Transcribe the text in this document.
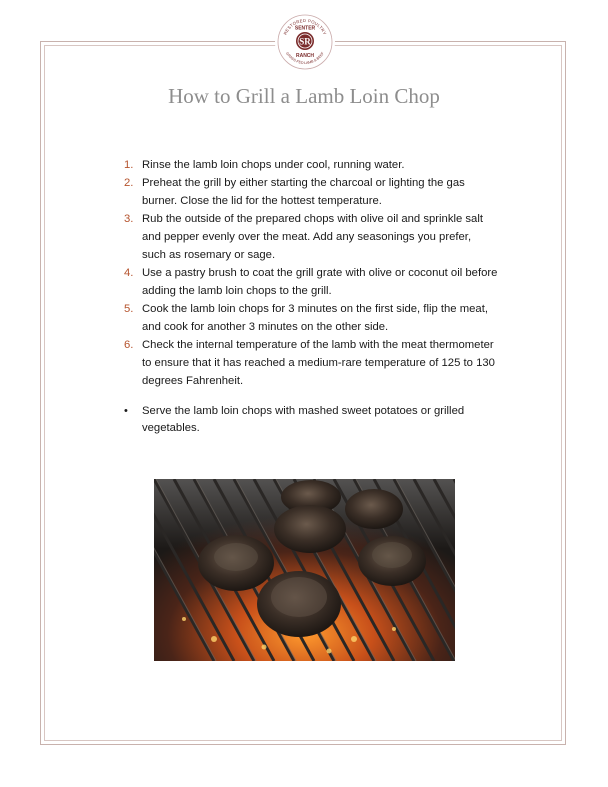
RESTORED POULTRY
SENTER
SR
RANCH
GRASS-FED LAMB & BEEF
How to Grill a Lamb Loin Chop
1. Rinse the lamb loin chops under cool, running water.
2. Preheat the grill by either starting the charcoal or lighting the gas burner. Close the lid for the hottest temperature.
3. Rub the outside of the prepared chops with olive oil and sprinkle salt and pepper evenly over the meat. Add any seasonings you prefer, such as rosemary or sage.
4. Use a pastry brush to coat the grill grate with olive or coconut oil before adding the lamb loin chops to the grill.
5. Cook the lamb loin chops for 3 minutes on the first side, flip the meat, and cook for another 3 minutes on the other side.
6. Check the internal temperature of the lamb with the meat thermometer to ensure that it has reached a medium-rare temperature of 125 to 130 degrees Fahrenheit.
• Serve the lamb loin chops with mashed sweet potatoes or grilled vegetables.
